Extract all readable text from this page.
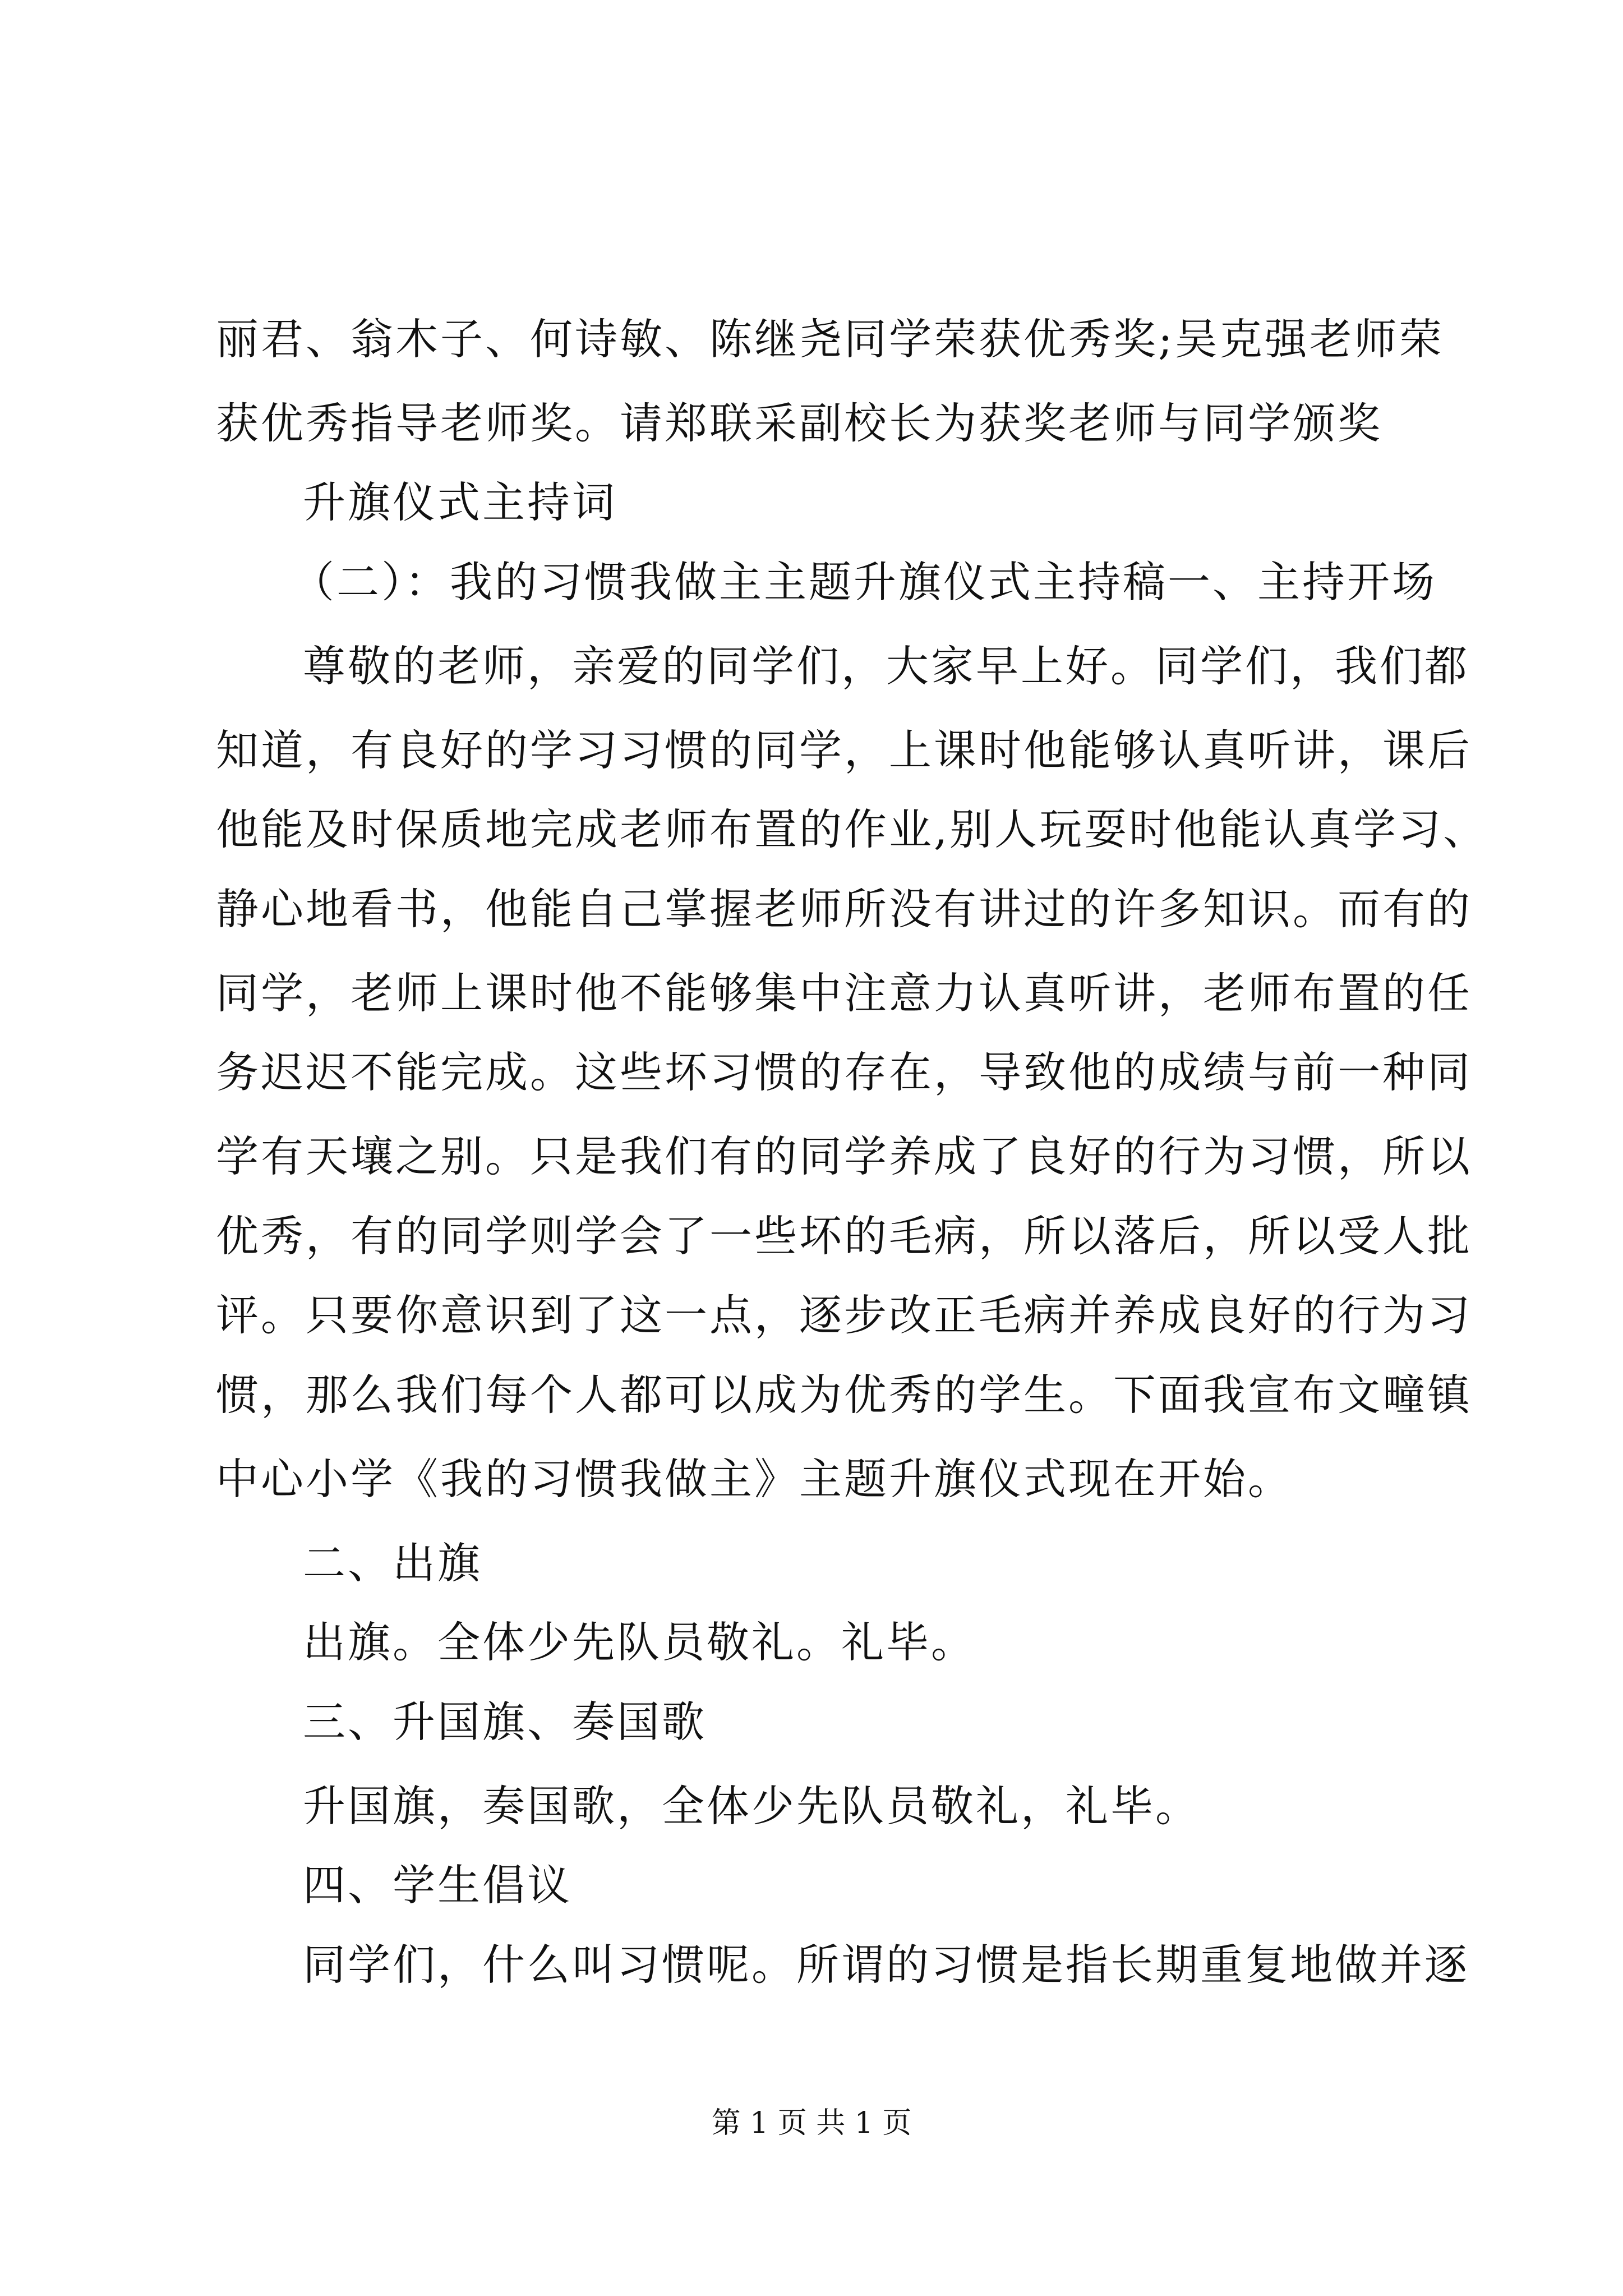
丽君、翁木子、何诗敏、陈继尧同学荣获优秀奖;吴克强老师荣
获优秀指导老师奖。请郑联采副校长为获奖老师与同学颁奖
升旗仪式主持词
（二）：我的习惯我做主主题升旗仪式主持稿一、主持开场
尊敬的老师，亲爱的同学们，大家早上好。同学们，我们都
知道，有良好的学习习惯的同学，上课时他能够认真听讲，课后
他能及时保质地完成老师布置的作业,别人玩耍时他能认真学习、
静心地看书，他能自己掌握老师所没有讲过的许多知识。而有的
同学，老师上课时他不能够集中注意力认真听讲，老师布置的任
务迟迟不能完成。这些坏习惯的存在，导致他的成绩与前一种同
学有天壤之别。只是我们有的同学养成了良好的行为习惯，所以
优秀，有的同学则学会了一些坏的毛病，所以落后，所以受人批
评。只要你意识到了这一点，逐步改正毛病并养成良好的行为习
惯，那么我们每个人都可以成为优秀的学生。下面我宣布文疃镇
中心小学《我的习惯我做主》主题升旗仪式现在开始。
二、出旗
出旗。全体少先队员敬礼。礼毕。
三、升国旗、奏国歌
升国旗，奏国歌，全体少先队员敬礼，礼毕。
四、学生倡议
同学们，什么叫习惯呢。所谓的习惯是指长期重复地做并逐
第 1 页 共 1 页
